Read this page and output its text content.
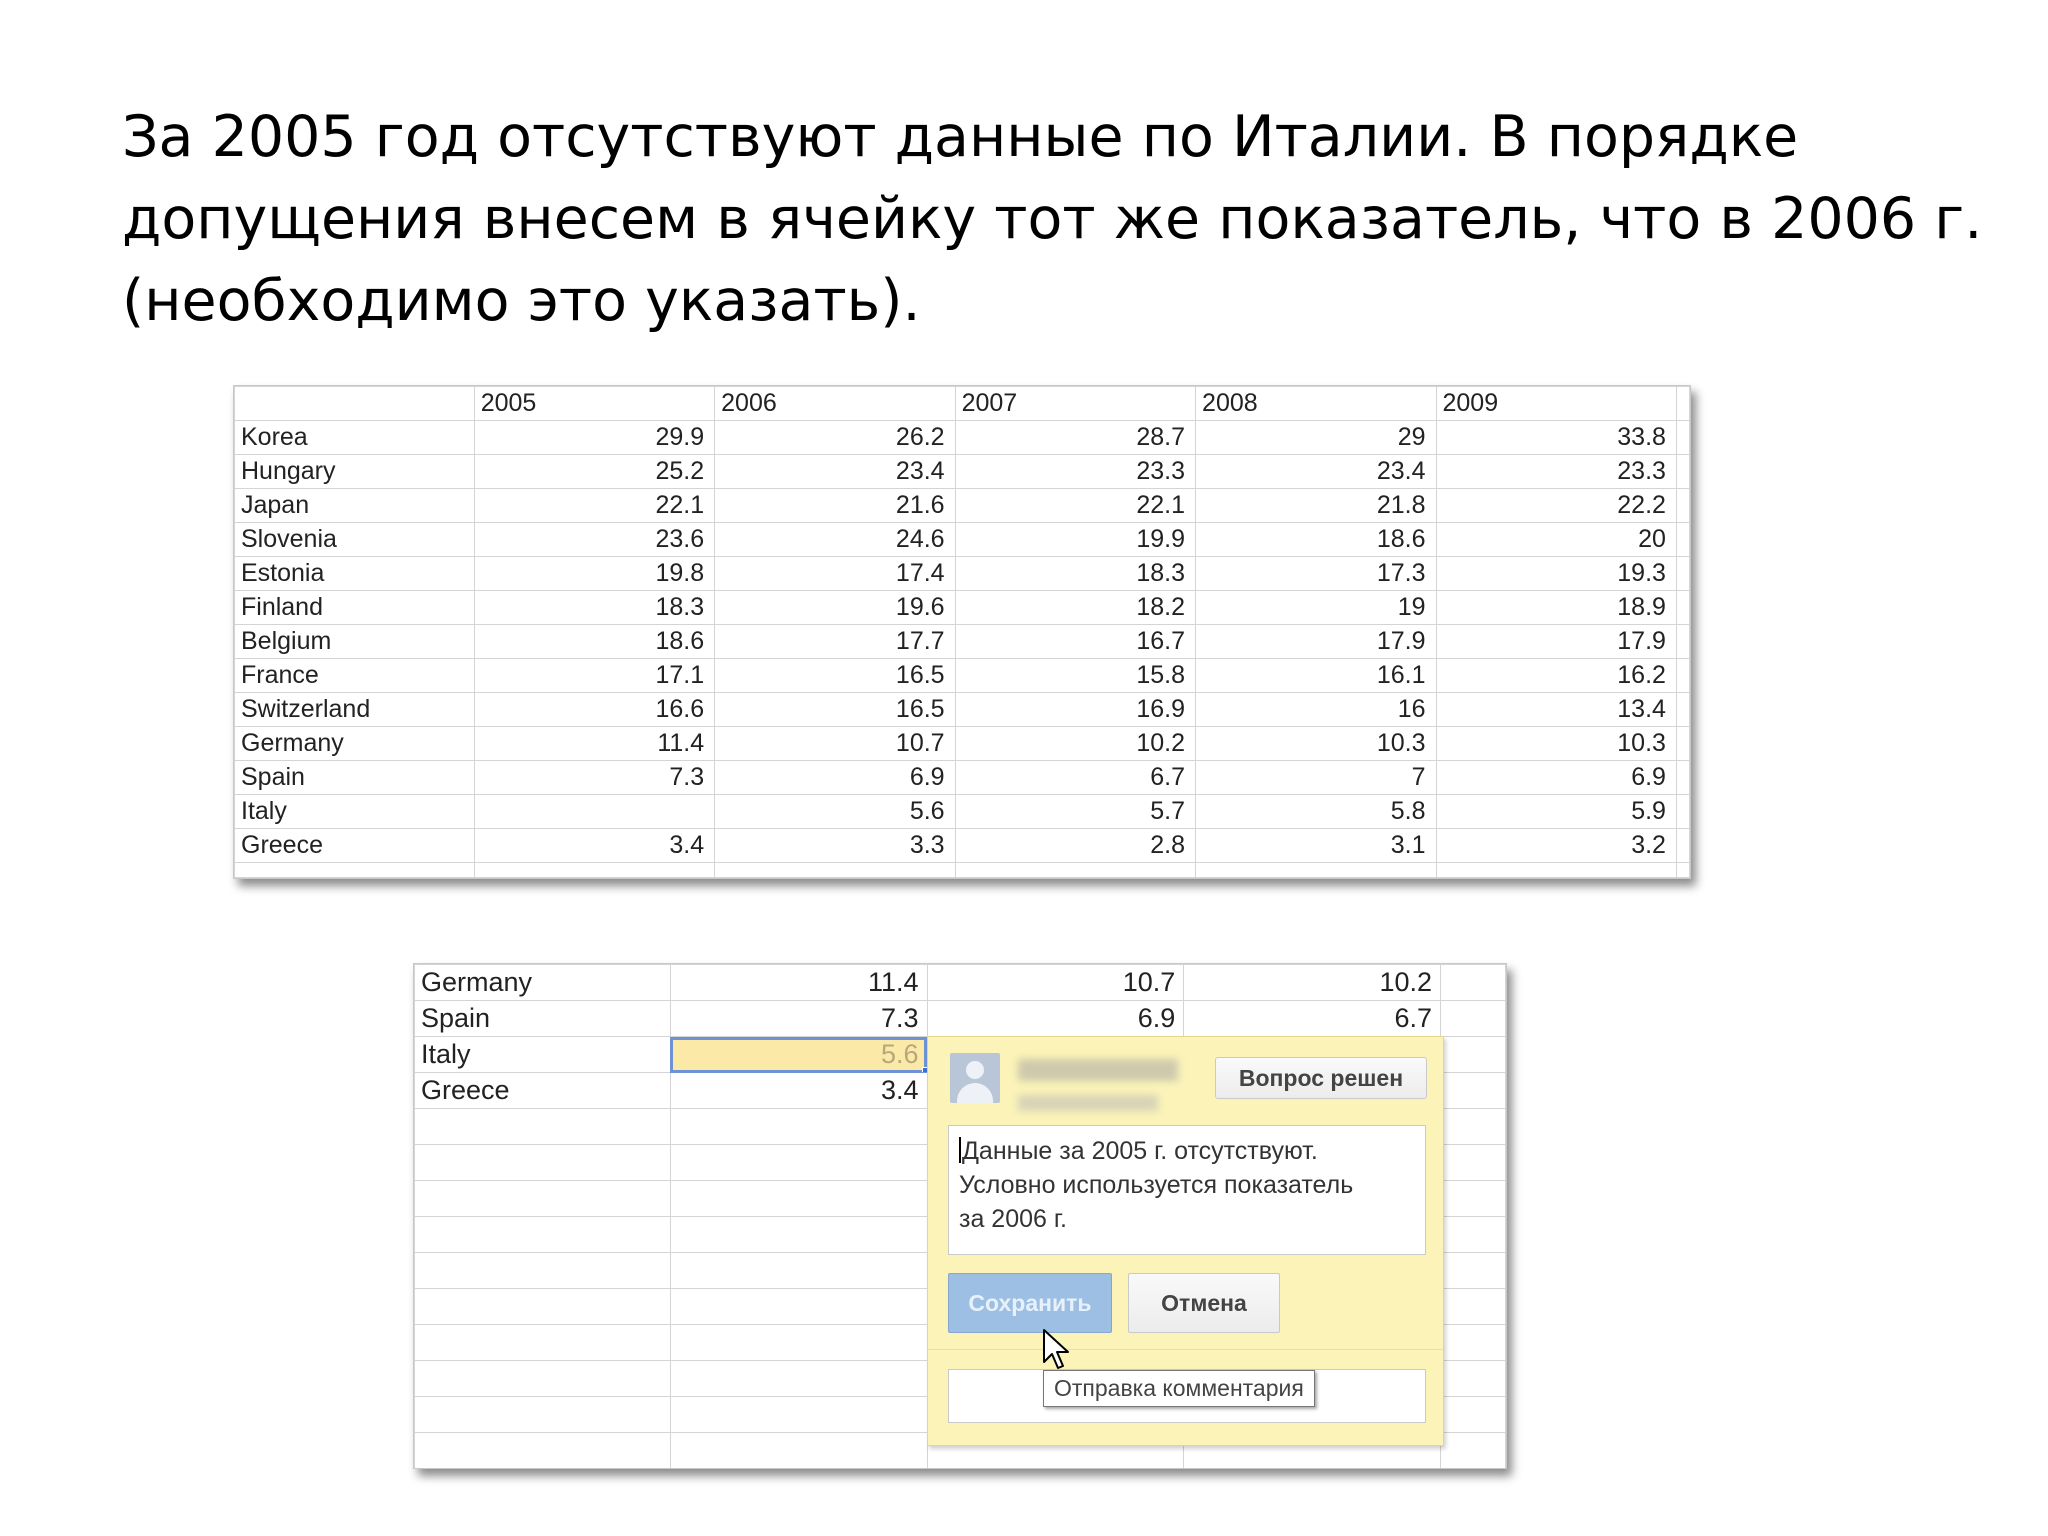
За 2005 год отсутствуют данные по Италии. В порядке
допущения внесем в ячейку тот же показатель, что в 2006 г.
(необходимо это указать).
	2005	2006	2007	2008	2009	
Korea	29.9	26.2	28.7	29	33.8	
Hungary	25.2	23.4	23.3	23.4	23.3	
Japan	22.1	21.6	22.1	21.8	22.2	
Slovenia	23.6	24.6	19.9	18.6	20	
Estonia	19.8	17.4	18.3	17.3	19.3	
Finland	18.3	19.6	18.2	19	18.9	
Belgium	18.6	17.7	16.7	17.9	17.9	
France	17.1	16.5	15.8	16.1	16.2	
Switzerland	16.6	16.5	16.9	16	13.4	
Germany	11.4	10.7	10.2	10.3	10.3	
Spain	7.3	6.9	6.7	7	6.9	
Italy		5.6	5.7	5.8	5.9	
Greece	3.4	3.3	2.8	3.1	3.2	

Germany	11.4	10.7	10.2	
Spain	7.3	6.9	6.7	
Italy	5.6

Greece	3.4			

					Вопрос решен
Данные за 2005 г. отсутствуют.
Условно используется показатель
за 2006 г.
Сохранить	Отмена
Отправка комментария
